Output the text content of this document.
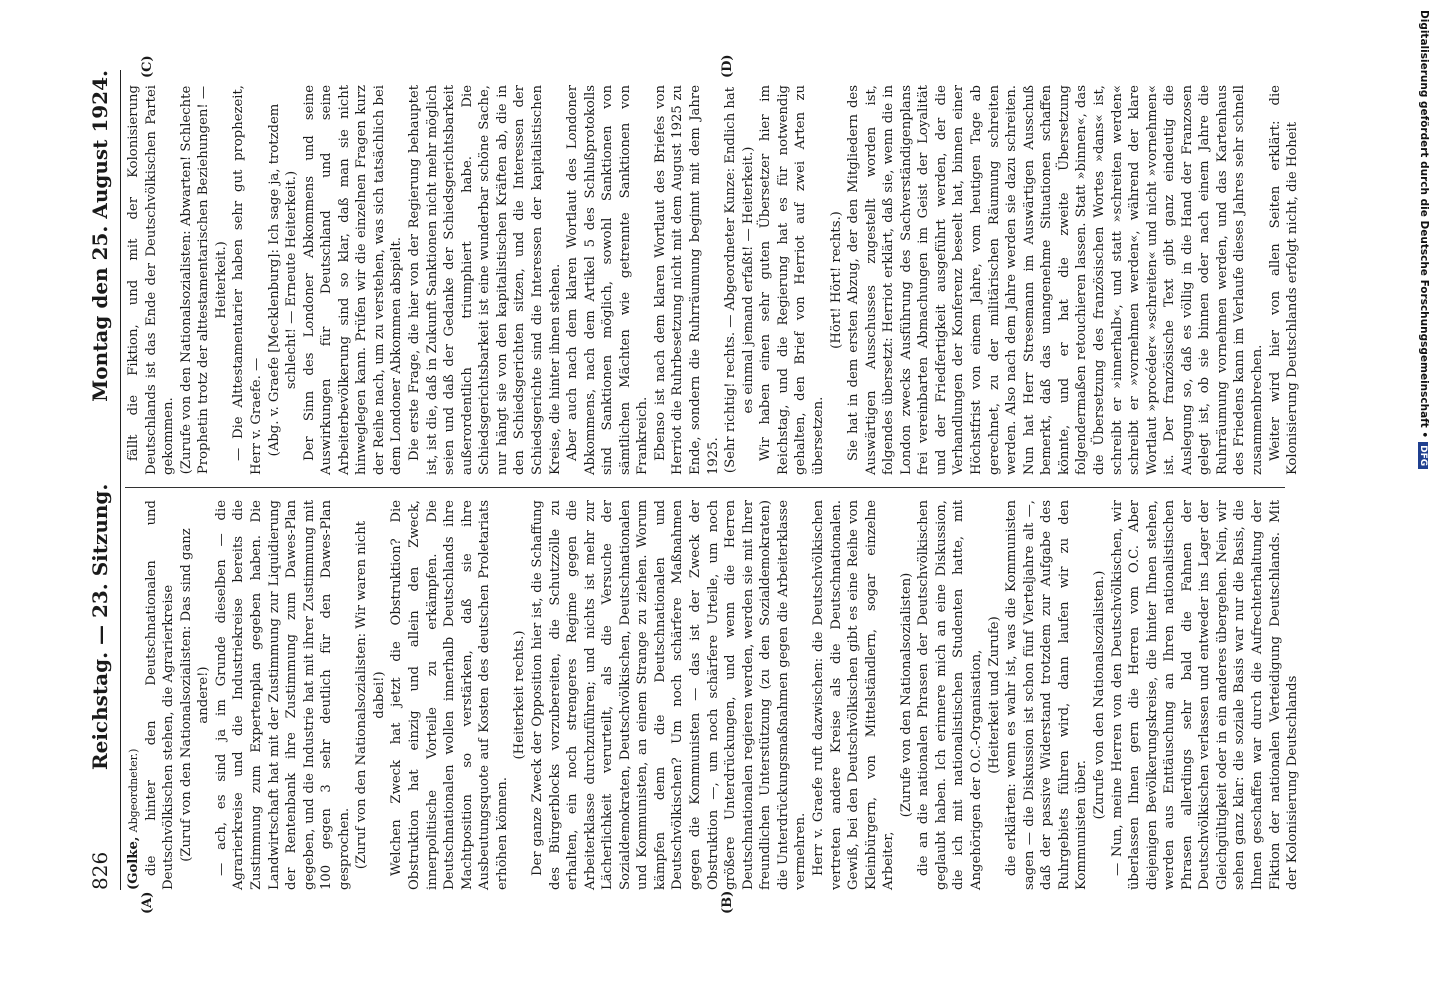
826
Reichstag. — 23. Sitzung.
Montag den 25. August 1924.

(Golke, Abgeordneter.) die hinter den Deutschnationalen und Deutschvölkischen stehen, die Agrarierkreise (Zuruf von den Nationalsozialisten: Das sind ganz andere!) — ach, es sind ja im Grunde dieselben — die Agrarierkreise und die Industriekreise bereits die Zustimmung zum Expertenplan gegeben haben. Die Landwirtschaft hat mit der Zustimmung zur Liquidierung der Rentenbank ihre Zustimmung zum Dawes-Plan gegeben, und die Industrie hat mit ihrer Zustimmung mit 100 gegen 3 sehr deutlich für den Dawes-Plan gesprochen. (Zuruf von den Nationalsozialisten: Wir waren nicht dabei!) Welchen Zweck hat jetzt die Obstruktion? Die Obstruktion hat einzig und allein den Zweck, innerpolitische Vorteile zu erkämpfen. Die Deutschnationalen wollen innerhalb Deutschlands ihre Machtposition so verstärken, daß sie ihre Ausbeutungsquote auf Kosten des deutschen Proletariats erhöhen können.

(Heiterkeit rechts.) Der ganze Zweck der Opposition hier ist, die Schaffung des Bürgerblocks vorzubereiten, die Schutzzölle zu erhalten, ein noch strengeres Regime gegen die Arbeiterklasse durchzuführen; und nichts ist mehr zur Lächerlichkeit verurteilt, als die Versuche der Sozialdemokraten, Deutschvölkischen, Deutschnationalen und Kommunisten, an einem Strange zu ziehen. Worum kämpfen denn die Deutschnationalen und Deutschvölkischen? Um noch schärfere Maßnahmen gegen die Kommunisten — das ist der Zweck der Obstruktion —, um noch schärfere Urteile, um noch größere Unterdrückungen, und wenn die Herren Deutschnationalen regieren werden, werden sie mit Ihrer freundlichen Unterstützung (zu den Sozialdemokraten) die Unterdrückungsmaßnahmen gegen die Arbeiterklasse vermehren. Herr v. Graefe ruft dazwischen: die Deutschvölkischen vertreten andere Kreise als die Deutschnationalen. Gewiß, bei den Deutschvölkischen gibt es eine Reihe von Kleinbürgern, von Mittelständlern, sogar einzelne Arbeiter,

(Zurufe von den Nationalsozialisten) die an die nationalen Phrasen der Deutschvölkischen geglaubt haben. Ich erinnere mich an eine Diskussion, die ich mit nationalistischen Studenten hatte, mit Angehörigen der O.C.-Organisation, (Heiterkeit und Zurufe) die erklärten: wenn es wahr ist, was die Kommunisten sagen — die Diskussion ist schon fünf Vierteljahre alt —, daß der passive Widerstand trotzdem zur Aufgabe des Ruhrgebiets führen wird, dann laufen wir zu den Kommunisten über.

(Zurufe von den Nationalsozialisten.) — Nun, meine Herren von den Deutschvölkischen, wir überlassen Ihnen gern die Herren vom O.C. Aber diejenigen Bevölkerungskreise, die hinter Ihnen stehen, werden aus Enttäuschung an Ihren nationalistischen Phrasen allerdings sehr bald die Fahnen der Deutschvölkischen verlassen und entweder ins Lager der Gleichgültigkeit oder in ein anderes übergehen. Nein, wir sehen ganz klar: die soziale Basis war nur die Basis, die Ihnen geschaffen war durch die Aufrechterhaltung der Fiktion der nationalen Verteidigung Deutschlands. Mit der Kolonisierung Deutschlands

fällt die Fiktion, und mit der Kolonisierung Deutschlands ist das Ende der Deutschvölkischen Partei gekommen. (Zurufe von den Nationalsozialisten: Abwarten! Schlechte Prophetin trotz der alttestamentarischen Beziehungen! — Heiterkeit.) — Die Alttestamentarier haben sehr gut prophezeit, Herr v. Graefe. — (Abg. v. Graefe [Mecklenburg]: Ich sage ja, trotzdem schlecht! — Erneute Heiterkeit.) Der Sinn des Londoner Abkommens und seine Auswirkungen für Deutschland und seine Arbeiterbevölkerung sind so klar, daß man sie nicht hinweglegen kann. Prüfen wir die einzelnen Fragen kurz der Reihe nach, um zu verstehen, was sich tatsächlich bei dem Londoner Abkommen abspielt. Die erste Frage, die hier von der Regierung behauptet ist, ist die, daß in Zukunft Sanktionen nicht mehr möglich seien und daß der Gedanke der Schiedsgerichtsbarkeit außerordentlich triumphiert habe. Die Schiedsgerichtsbarkeit ist eine wunderbar schöne Sache, nur hängt sie von den kapitalistischen Kräften ab, die in den Schiedsgerichten sitzen, und die Interessen der Schiedsgerichte sind die Interessen der kapitalistischen Kreise, die hinter ihnen stehen. Aber auch nach dem klaren Wortlaut des Londoner Abkommens, nach dem Artikel 5 des Schlußprotokolls sind Sanktionen möglich, sowohl Sanktionen von sämtlichen Mächten wie getrennte Sanktionen von Frankreich. Ebenso ist nach dem klaren Wortlaut des Briefes von Herriot die Ruhrbesetzung nicht mit dem August 1925 zu Ende, sondern die Ruhrräumung beginnt mit dem Jahre 1925. (Sehr richtig! rechts. — Abgeordneter Kunze: Endlich hat es einmal jemand erfaßt! — Heiterkeit.) Wir haben einen sehr guten Übersetzer hier im Reichstag, und die Regierung hat es für notwendig gehalten, den Brief von Herriot auf zwei Arten zu übersetzen.

(Hört! Hört! rechts.) Sie hat in dem ersten Abzug, der den Mitgliedern des Auswärtigen Ausschusses zugestellt worden ist, folgendes übersetzt: Herriot erklärt, daß sie, wenn die in London zwecks Ausführung des Sachverständigenplans frei vereinbarten Abmachungen im Geist der Loyalität und der Friedfertigkeit ausgeführt werden, der die Verhandlungen der Konferenz beseelt hat, binnen einer Höchstfrist von einem Jahre, vom heutigen Tage ab gerechnet, zu der militärischen Räumung schreiten werden. Also nach dem Jahre werden sie dazu schreiten. Nun hat Herr Stresemann im Auswärtigen Ausschuß bemerkt, daß das unangenehme Situationen schaffen könnte, und er hat die zweite Übersetzung folgendermaßen retouchieren lassen. Statt »binnen«, das die Übersetzung des französischen Wortes »dans« ist, schreibt er »innerhalb«, und statt »schreiten werden« schreibt er »vornehmen werden«, während der klare Wortlaut »procéder« »schreiten« und nicht »vornehmen« ist. Der französische Text gibt ganz eindeutig die Auslegung so, daß es völlig in die Hand der Franzosen gelegt ist, ob sie binnen oder nach einem Jahre die Ruhrräumung vornehmen werden, und das Kartenhaus des Friedens kann im Verlaufe dieses Jahres sehr schnell zusammenbrechen. Weiter wird hier von allen Seiten erklärt: die Kolonisierung Deutschlands erfolgt nicht, die Hoheit

(A)	(B)
(C)	(D)	Digitalisierung gefördert durch die Deutsche Forschungsgemeinschaft •DFG
